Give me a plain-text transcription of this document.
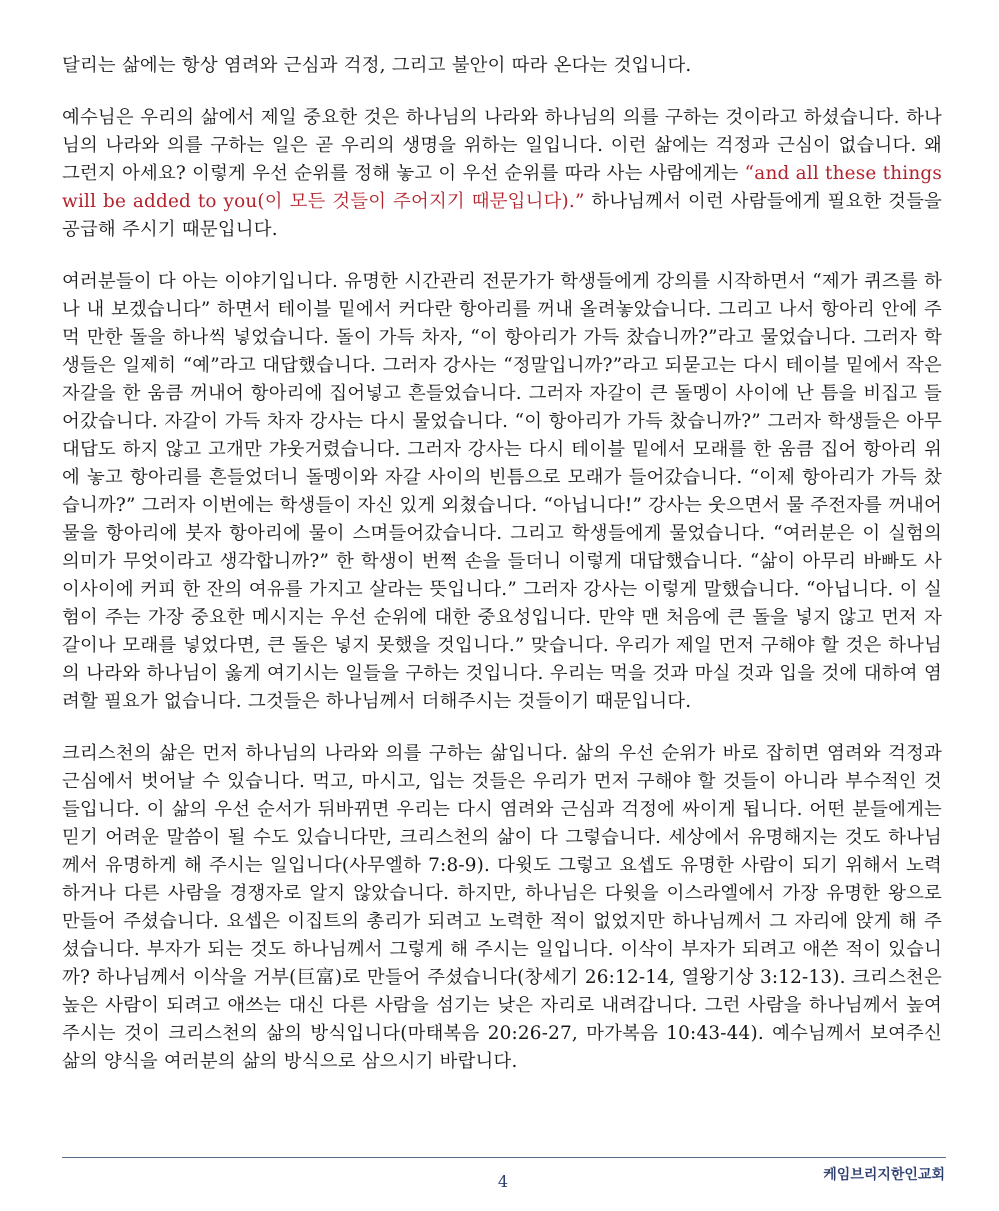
달리는 삶에는 항상 염려와 근심과 걱정, 그리고 불안이 따라 온다는 것입니다.

예수님은 우리의 삶에서 제일 중요한 것은 하나님의 나라와 하나님의 의를 구하는 것이라고 하셨습니다. 하나님의 나라와 의를 구하는 일은 곧 우리의 생명을 위하는 일입니다. 이런 삶에는 걱정과 근심이 없습니다. 왜 그런지 아세요? 이렇게 우선 순위를 정해 놓고 이 우선 순위를 따라 사는 사람에게는 “and all these things will be added to you(이 모든 것들이 주어지기 때문입니다).” 하나님께서 이런 사람들에게 필요한 것들을 공급해 주시기 때문입니다.

여러분들이 다 아는 이야기입니다. 유명한 시간관리 전문가가 학생들에게 강의를 시작하면서 “제가 퀴즈를 하나 내 보겠습니다” 하면서 테이블 밑에서 커다란 항아리를 꺼내 올려놓았습니다. 그리고 나서 항아리 안에 주먹 만한 돌을 하나씩 넣었습니다. 돌이 가득 차자, “이 항아리가 가득 찼습니까?”라고 물었습니다. 그러자 학생들은 일제히 “예”라고 대답했습니다. 그러자 강사는 “정말입니까?”라고 되묻고는 다시 테이블 밑에서 작은 자갈을 한 움큼 꺼내어 항아리에 집어넣고 흔들었습니다. 그러자 자갈이 큰 돌멩이 사이에 난 틈을 비집고 들어갔습니다. 자갈이 가득 차자 강사는 다시 물었습니다. “이 항아리가 가득 찼습니까?” 그러자 학생들은 아무 대답도 하지 않고 고개만 갸웃거렸습니다. 그러자 강사는 다시 테이블 밑에서 모래를 한 움큼 집어 항아리 위에 놓고 항아리를 흔들었더니 돌멩이와 자갈 사이의 빈틈으로 모래가 들어갔습니다. “이제 항아리가 가득 찼습니까?” 그러자 이번에는 학생들이 자신 있게 외쳤습니다. “아닙니다!” 강사는 웃으면서 물 주전자를 꺼내어 물을 항아리에 붓자 항아리에 물이 스며들어갔습니다. 그리고 학생들에게 물었습니다. “여러분은 이 실험의 의미가 무엇이라고 생각합니까?” 한 학생이 번쩍 손을 들더니 이렇게 대답했습니다. “삶이 아무리 바빠도 사이사이에 커피 한 잔의 여유를 가지고 살라는 뜻입니다.” 그러자 강사는 이렇게 말했습니다. “아닙니다. 이 실험이 주는 가장 중요한 메시지는 우선 순위에 대한 중요성입니다. 만약 맨 처음에 큰 돌을 넣지 않고 먼저 자갈이나 모래를 넣었다면, 큰 돌은 넣지 못했을 것입니다.” 맞습니다. 우리가 제일 먼저 구해야 할 것은 하나님의 나라와 하나님이 옳게 여기시는 일들을 구하는 것입니다. 우리는 먹을 것과 마실 것과 입을 것에 대하여 염려할 필요가 없습니다. 그것들은 하나님께서 더해주시는 것들이기 때문입니다.

크리스천의 삶은 먼저 하나님의 나라와 의를 구하는 삶입니다. 삶의 우선 순위가 바로 잡히면 염려와 걱정과 근심에서 벗어날 수 있습니다. 먹고, 마시고, 입는 것들은 우리가 먼저 구해야 할 것들이 아니라 부수적인 것들입니다. 이 삶의 우선 순서가 뒤바뀌면 우리는 다시 염려와 근심과 걱정에 싸이게 됩니다. 어떤 분들에게는 믿기 어려운 말씀이 될 수도 있습니다만, 크리스천의 삶이 다 그렇습니다. 세상에서 유명해지는 것도 하나님께서 유명하게 해 주시는 일입니다(사무엘하 7:8-9). 다윗도 그렇고 요셉도 유명한 사람이 되기 위해서 노력하거나 다른 사람을 경쟁자로 알지 않았습니다. 하지만, 하나님은 다윗을 이스라엘에서 가장 유명한 왕으로 만들어 주셨습니다. 요셉은 이집트의 총리가 되려고 노력한 적이 없었지만 하나님께서 그 자리에 앉게 해 주셨습니다. 부자가 되는 것도 하나님께서 그렇게 해 주시는 일입니다. 이삭이 부자가 되려고 애쓴 적이 있습니까? 하나님께서 이삭을 거부(巨富)로 만들어 주셨습니다(창세기 26:12-14, 열왕기상 3:12-13). 크리스천은 높은 사람이 되려고 애쓰는 대신 다른 사람을 섬기는 낮은 자리로 내려갑니다. 그런 사람을 하나님께서 높여 주시는 것이 크리스천의 삶의 방식입니다(마태복음 20:26-27, 마가복음 10:43-44). 예수님께서 보여주신 삶의 양식을 여러분의 삶의 방식으로 삼으시기 바랍니다.

4	케임브리지한인교회
